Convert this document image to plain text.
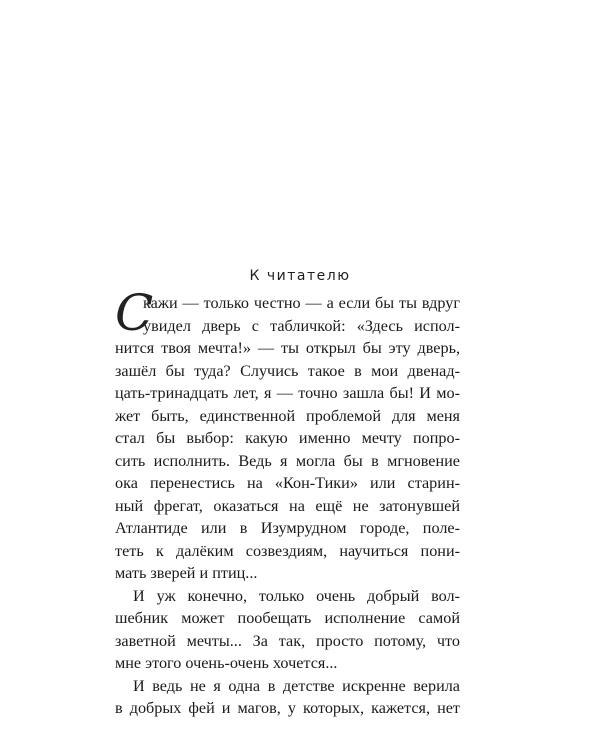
К читателю
С
кажи — только честно — а если бы ты вдруг
увидел дверь с табличкой: «Здесь испол-
нится твоя мечта!» — ты открыл бы эту дверь,
зашёл бы туда? Случись такое в мои двенад-
цать-тринадцать лет, я — точно зашла бы! И мо-
жет быть, единственной проблемой для меня
стал бы выбор: какую именно мечту попро-
сить исполнить. Ведь я могла бы в мгновение
ока перенестись на «Кон-Тики» или старин-
ный фрегат, оказаться на ещё не затонувшей
Атлантиде или в Изумрудном городе, поле-
теть к далёким созвездиям, научиться пони-
мать зверей и птиц...
И уж конечно, только очень добрый вол-
шебник может пообещать исполнение самой
заветной мечты... За так, просто потому, что
мне этого очень-очень хочется...
И ведь не я одна в детстве искренне верила
в добрых фей и магов, у которых, кажется, нет
